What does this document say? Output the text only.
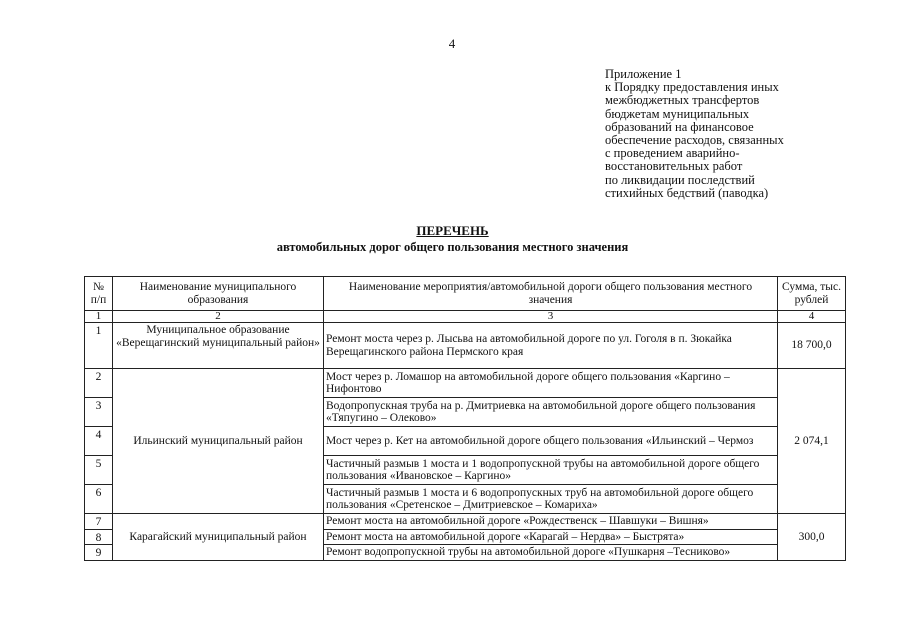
4
Приложение 1
к Порядку предоставления иных
межбюджетных трансфертов
бюджетам муниципальных
образований на финансовое
обеспечение расходов, связанных
с проведением аварийно-
восстановительных работ
по ликвидации последствий
стихийных бедствий (паводка)
ПЕРЕЧЕНЬ
автомобильных дорог общего пользования местного значения
№ п/п	Наименование муниципального образования	Наименование мероприятия/автомобильной дороги общего пользования местного значения	Сумма, тыс. рублей
1	2	3	4
1	Муниципальное образование «Верещагинский муниципальный район»	Ремонт моста через р. Лысьва на автомобильной дороге по ул. Гоголя в п. Зюкайка Верещагинского района Пермского края	18 700,0
2	Ильинский муниципальный район	Мост через р. Ломашор на автомобильной дороге общего пользования «Каргино – Нифонтово	2 074,1
3		Водопропускная труба на р. Дмитриевка на автомобильной дороге общего пользования «Тяпугино – Олеково»	
4		Мост через р. Кет на автомобильной дороге общего пользования «Ильинский – Чермоз	
5		Частичный размыв 1 моста и 1 водопропускной трубы на автомобильной дороге общего пользования «Ивановское – Каргино»	
6		Частичный размыв 1 моста и 6 водопропускных труб на автомобильной дороге общего пользования «Сретенское – Дмитриевское – Комариха»	
7	Карагайский муниципальный район	Ремонт моста на автомобильной дороге «Рождественск – Шавшуки – Вишня»	300,0
8		Ремонт моста на автомобильной дороге «Карагай – Нердва» – Быстрята»	
9		Ремонт водопропускной трубы на автомобильной дороге «Пушкарня –Тесниково»	
